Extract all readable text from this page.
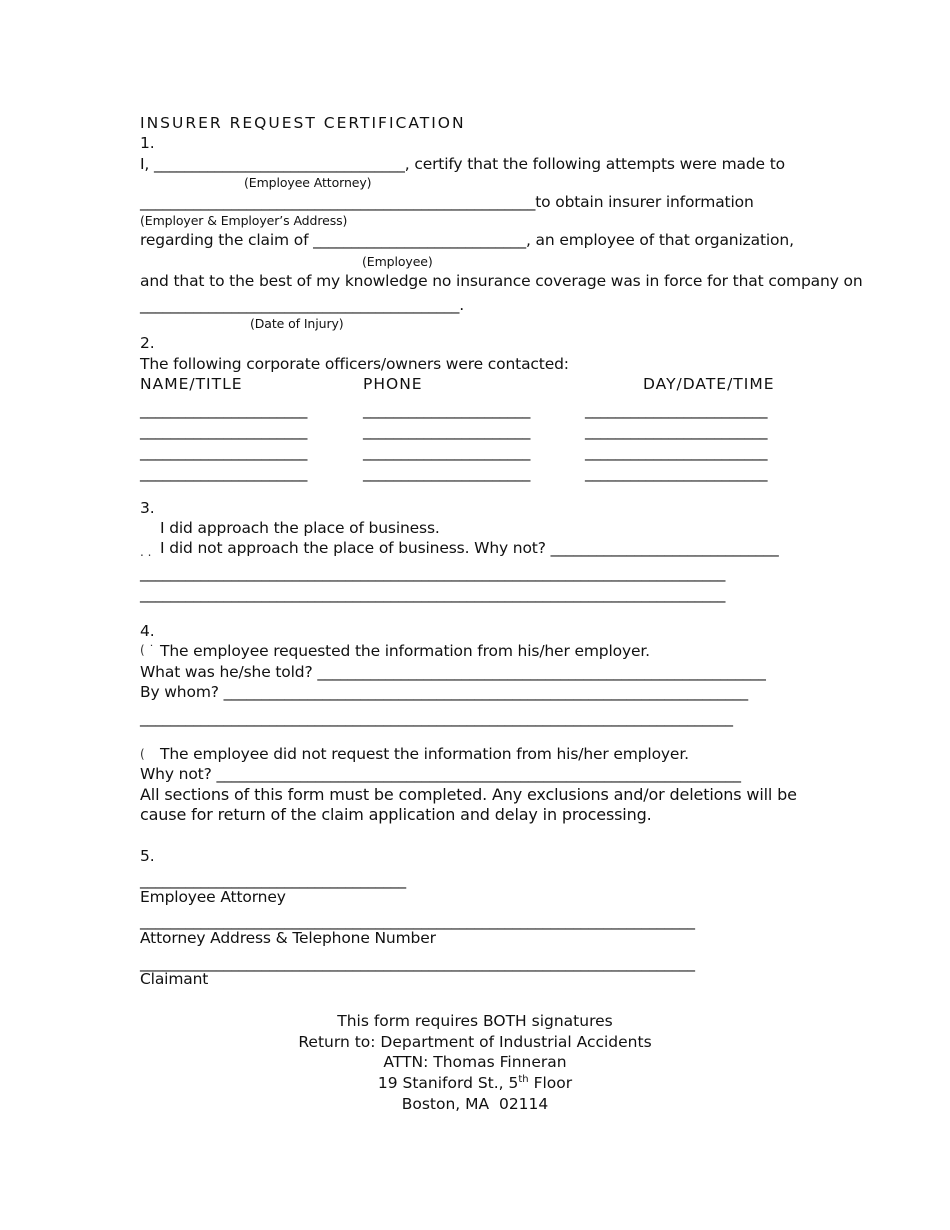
INSURER REQUEST CERTIFICATION
1.
I, _________________________________, certify that the following attempts were made to
(Employee Attorney)
____________________________________________________to obtain insurer information
(Employer & Employer’s Address)
regarding the claim of ____________________________, an employee of that organization,
(Employee)
and that to the best of my knowledge no insurance coverage was in force for that company on
__________________________________________.
(Date of Injury)
2.
The following corporate officers/owners were contacted:
NAME/TITLE	PHONE	DAY/DATE/TIME
______________________	______________________	________________________
______________________	______________________	________________________
______________________	______________________	________________________
______________________	______________________	________________________
3.
I did approach the place of business.
. . I did not approach the place of business. Why not? ______________________________
_____________________________________________________________________________
_____________________________________________________________________________
4.
( ˙ The employee requested the information from his/her employer.
What was he/she told? ___________________________________________________________
By whom? _____________________________________________________________________
______________________________________________________________________________
( The employee did not request the information from his/her employer.
Why not? _____________________________________________________________________
All sections of this form must be completed. Any exclusions and/or deletions will be
cause for return of the claim application and delay in processing.
5.
___________________________________
Employee Attorney
_________________________________________________________________________
Attorney Address & Telephone Number
_________________________________________________________________________
Claimant
This form requires BOTH signatures
Return to: Department of Industrial Accidents
ATTN: Thomas Finneran
19 Staniford St., 5th Floor
Boston, MA  02114
